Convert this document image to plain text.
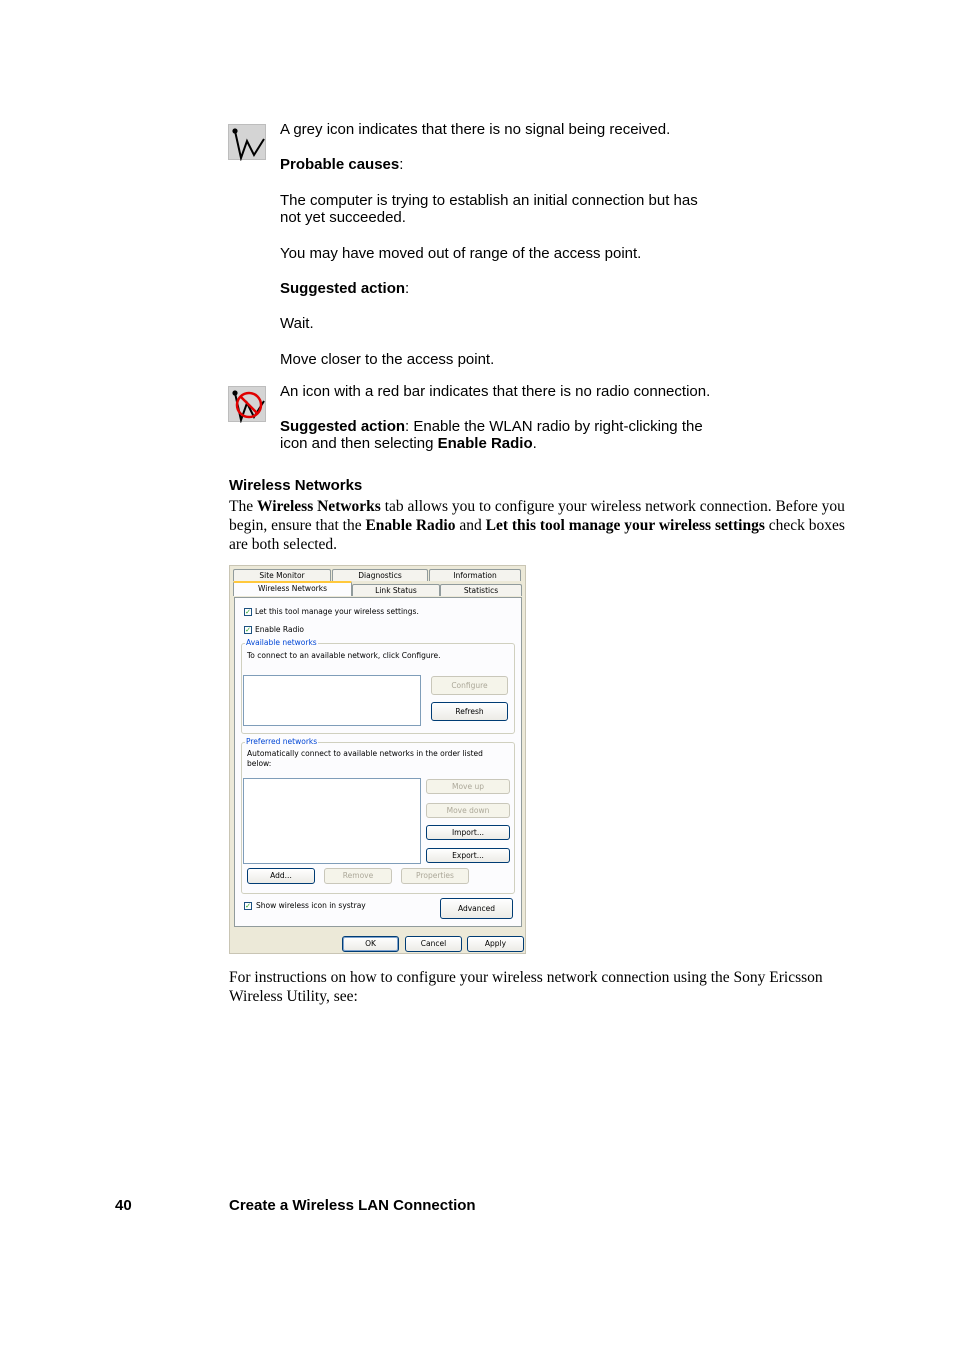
A grey icon indicates that there is no signal being received.
Probable causes:
The computer is trying to establish an initial connection but has
not yet succeeded.
You may have moved out of range of the access point.
Suggested action:
Wait.
Move closer to the access point.
An icon with a red bar indicates that there is no radio connection.
Suggested action: Enable the WLAN radio by right-clicking the
icon and then selecting Enable Radio.
Wireless Networks
The Wireless Networks tab allows you to configure your wireless network connection. Before you
begin, ensure that the Enable Radio and Let this tool manage your wireless settings check boxes
are both selected.
Site Monitor	Diagnostics	Information
Wireless Networks	Link Status	Statistics
✓ Let this tool manage your wireless settings.
✓ Enable Radio
Available networks
To connect to an available network, click Configure.
Configure
Refresh
Preferred networks
Automatically connect to available networks in the order listed
below:
Move up
Move down
Import...
Export...
Add...	Remove	Properties
✓ Show wireless icon in systray	Advanced
OK	Cancel	Apply
For instructions on how to configure your wireless network connection using the Sony Ericsson
Wireless Utility, see:
40	Create a Wireless LAN Connection
